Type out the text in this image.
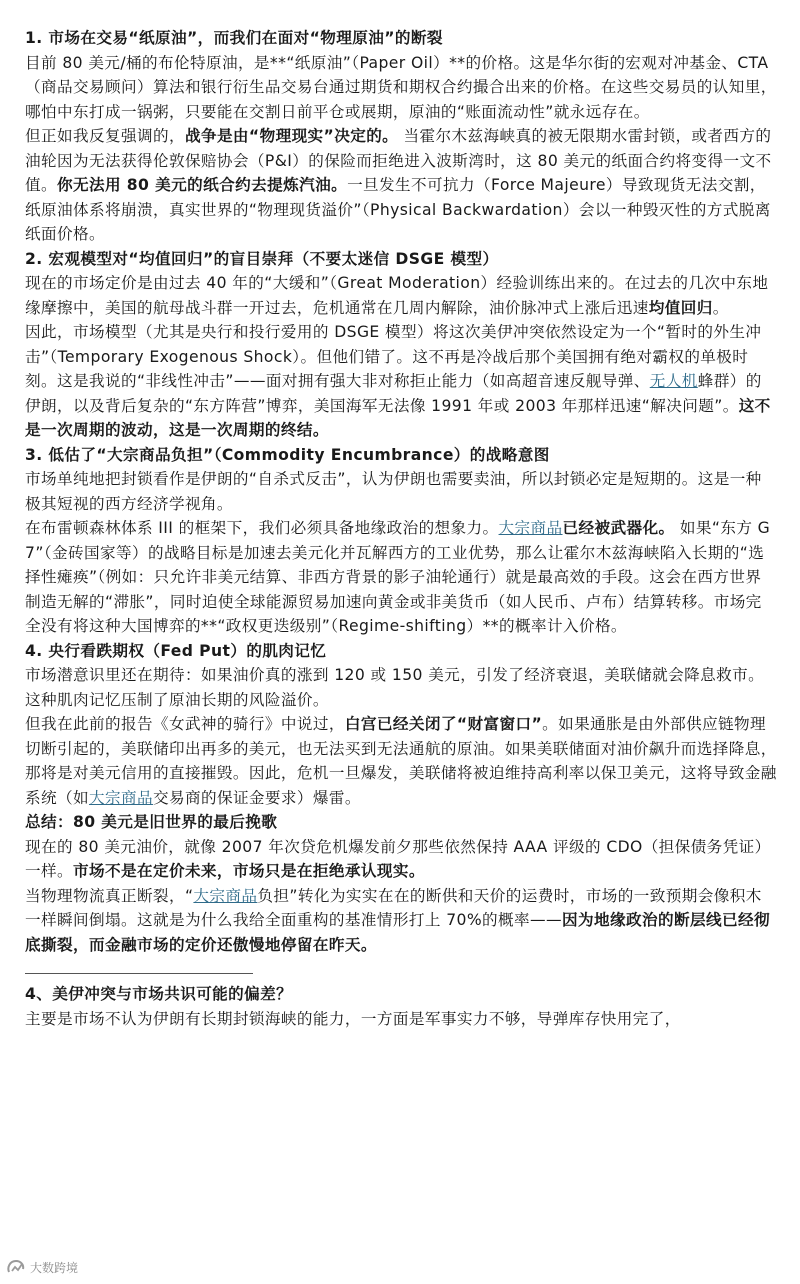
1. 市场在交易“纸原油”，而我们在面对“物理原油”的断裂

目前 80 美元/桶的布伦特原油，是**“纸原油”（Paper Oil）**的价格。这是华尔街的宏观对冲基金、CTA（商品交易顾问）算法和银行衍生品交易台通过期货和期权合约撮合出来的价格。在这些交易员的认知里，哪怕中东打成一锅粥，只要能在交割日前平仓或展期，原油的“账面流动性”就永远存在。

但正如我反复强调的，战争是由“物理现实”决定的。 当霍尔木兹海峡真的被无限期水雷封锁，或者西方的油轮因为无法获得伦敦保赔协会（P&I）的保险而拒绝进入波斯湾时，这 80 美元的纸面合约将变得一文不值。你无法用 80 美元的纸合约去提炼汽油。一旦发生不可抗力（Force Majeure）导致现货无法交割，纸原油体系将崩溃，真实世界的“物理现货溢价”（Physical Backwardation）会以一种毁灭性的方式脱离纸面价格。

2. 宏观模型对“均值回归”的盲目崇拜（不要太迷信 DSGE 模型）

现在的市场定价是由过去 40 年的“大缓和”（Great Moderation）经验训练出来的。在过去的几次中东地缘摩擦中，美国的航母战斗群一开过去，危机通常在几周内解除，油价脉冲式上涨后迅速均值回归。

因此，市场模型（尤其是央行和投行爱用的 DSGE 模型）将这次美伊冲突依然设定为一个“暂时的外生冲击”（Temporary Exogenous Shock）。但他们错了。这不再是冷战后那个美国拥有绝对霸权的单极时刻。这是我说的“非线性冲击”——面对拥有强大非对称拒止能力（如高超音速反舰导弹、无人机蜂群）的伊朗，以及背后复杂的“东方阵营”博弈，美国海军无法像 1991 年或 2003 年那样迅速“解决问题”。这不是一次周期的波动，这是一次周期的终结。

3. 低估了“大宗商品负担”（Commodity Encumbrance）的战略意图

市场单纯地把封锁看作是伊朗的“自杀式反击”，认为伊朗也需要卖油，所以封锁必定是短期的。这是一种极其短视的西方经济学视角。

在布雷顿森林体系 III 的框架下，我们必须具备地缘政治的想象力。大宗商品已经被武器化。 如果“东方 G7”（金砖国家等）的战略目标是加速去美元化并瓦解西方的工业优势，那么让霍尔木兹海峡陷入长期的“选择性瘫痪”（例如：只允许非美元结算、非西方背景的影子油轮通行）就是最高效的手段。这会在西方世界制造无解的“滞胀”，同时迫使全球能源贸易加速向黄金或非美货币（如人民币、卢布）结算转移。市场完全没有将这种大国博弈的**“政权更迭级别”（Regime-shifting）**的概率计入价格。

4. 央行看跌期权（Fed Put）的肌肉记忆

市场潜意识里还在期待：如果油价真的涨到 120 或 150 美元，引发了经济衰退，美联储就会降息救市。这种肌肉记忆压制了原油长期的风险溢价。

但我在此前的报告《女武神的骑行》中说过，白宫已经关闭了“财富窗口”。如果通胀是由外部供应链物理切断引起的，美联储印出再多的美元，也无法买到无法通航的原油。如果美联储面对油价飙升而选择降息，那将是对美元信用的直接摧毁。因此，危机一旦爆发，美联储将被迫维持高利率以保卫美元，这将导致金融系统（如大宗商品交易商的保证金要求）爆雷。

总结：80 美元是旧世界的最后挽歌

现在的 80 美元油价，就像 2007 年次贷危机爆发前夕那些依然保持 AAA 评级的 CDO（担保债务凭证）一样。市场不是在定价未来，市场只是在拒绝承认现实。

当物理物流真正断裂，“大宗商品负担”转化为实实在在的断供和天价的运费时，市场的一致预期会像积木一样瞬间倒塌。这就是为什么我给全面重构的基准情形打上 70%的概率——因为地缘政治的断层线已经彻底撕裂，而金融市场的定价还傲慢地停留在昨天。

4、美伊冲突与市场共识可能的偏差？

主要是市场不认为伊朗有长期封锁海峡的能力，一方面是军事实力不够，导弹库存快用完了，

大数跨境
